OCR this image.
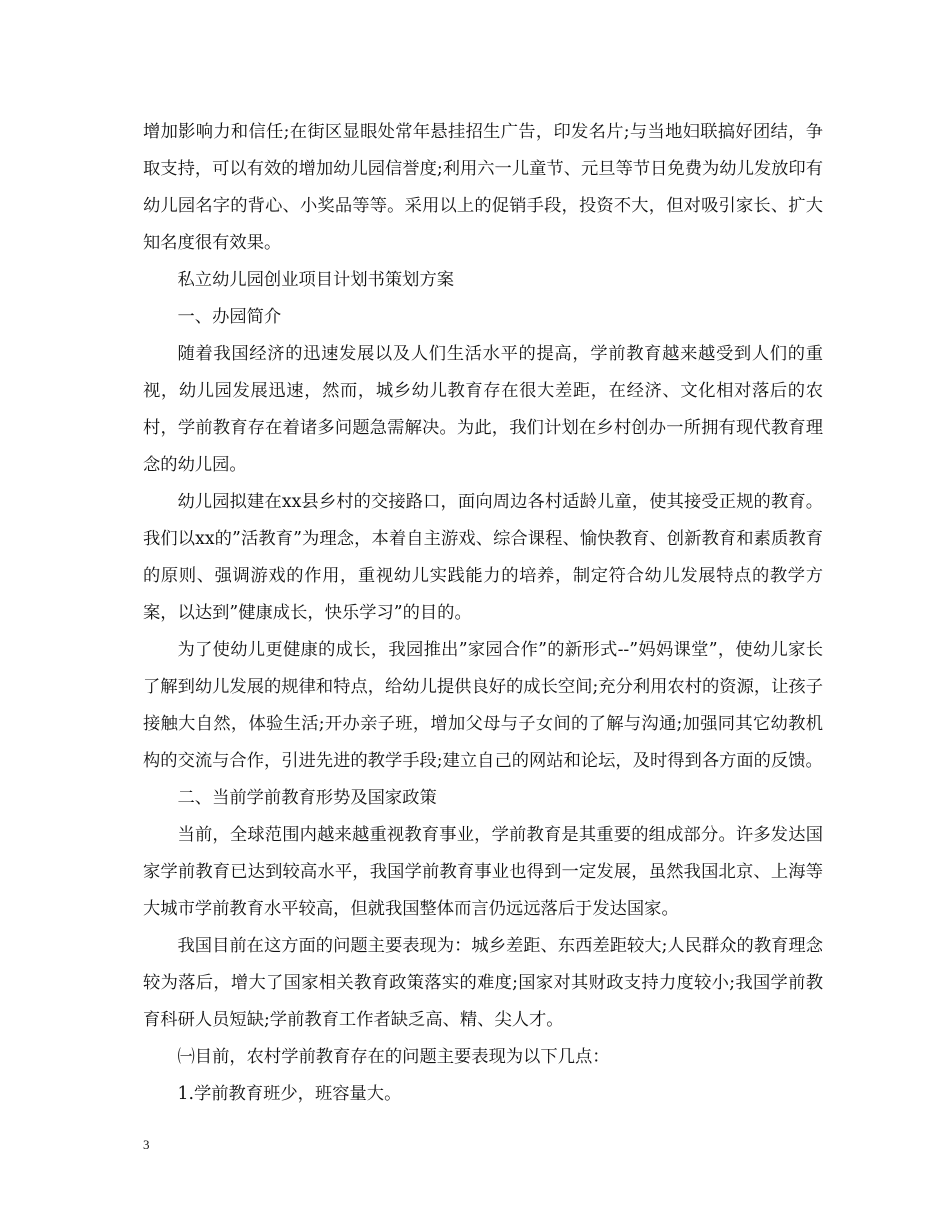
增加影响力和信任;在街区显眼处常年悬挂招生广告，印发名片;与当地妇联搞好团结，争取支持，可以有效的增加幼儿园信誉度;利用六一儿童节、元旦等节日免费为幼儿发放印有幼儿园名字的背心、小奖品等等。采用以上的促销手段，投资不大，但对吸引家长、扩大知名度很有效果。

私立幼儿园创业项目计划书策划方案

一、办园简介

随着我国经济的迅速发展以及人们生活水平的提高，学前教育越来越受到人们的重视，幼儿园发展迅速，然而，城乡幼儿教育存在很大差距，在经济、文化相对落后的农村，学前教育存在着诸多问题急需解决。为此，我们计划在乡村创办一所拥有现代教育理念的幼儿园。

幼儿园拟建在xx县乡村的交接路口，面向周边各村适龄儿童，使其接受正规的教育。我们以xx的”活教育”为理念，本着自主游戏、综合课程、愉快教育、创新教育和素质教育的原则、强调游戏的作用，重视幼儿实践能力的培养，制定符合幼儿发展特点的教学方案，以达到”健康成长，快乐学习”的目的。

为了使幼儿更健康的成长，我园推出”家园合作”的新形式--”妈妈课堂”，使幼儿家长了解到幼儿发展的规律和特点，给幼儿提供良好的成长空间;充分利用农村的资源，让孩子接触大自然，体验生活;开办亲子班，增加父母与子女间的了解与沟通;加强同其它幼教机构的交流与合作，引进先进的教学手段;建立自己的网站和论坛，及时得到各方面的反馈。

二、当前学前教育形势及国家政策

当前，全球范围内越来越重视教育事业，学前教育是其重要的组成部分。许多发达国家学前教育已达到较高水平，我国学前教育事业也得到一定发展，虽然我国北京、上海等大城市学前教育水平较高，但就我国整体而言仍远远落后于发达国家。

我国目前在这方面的问题主要表现为：城乡差距、东西差距较大;人民群众的教育理念较为落后，增大了国家相关教育政策落实的难度;国家对其财政支持力度较小;我国学前教育科研人员短缺;学前教育工作者缺乏高、精、尖人才。

㈠目前，农村学前教育存在的问题主要表现为以下几点：

1.学前教育班少，班容量大。

3
